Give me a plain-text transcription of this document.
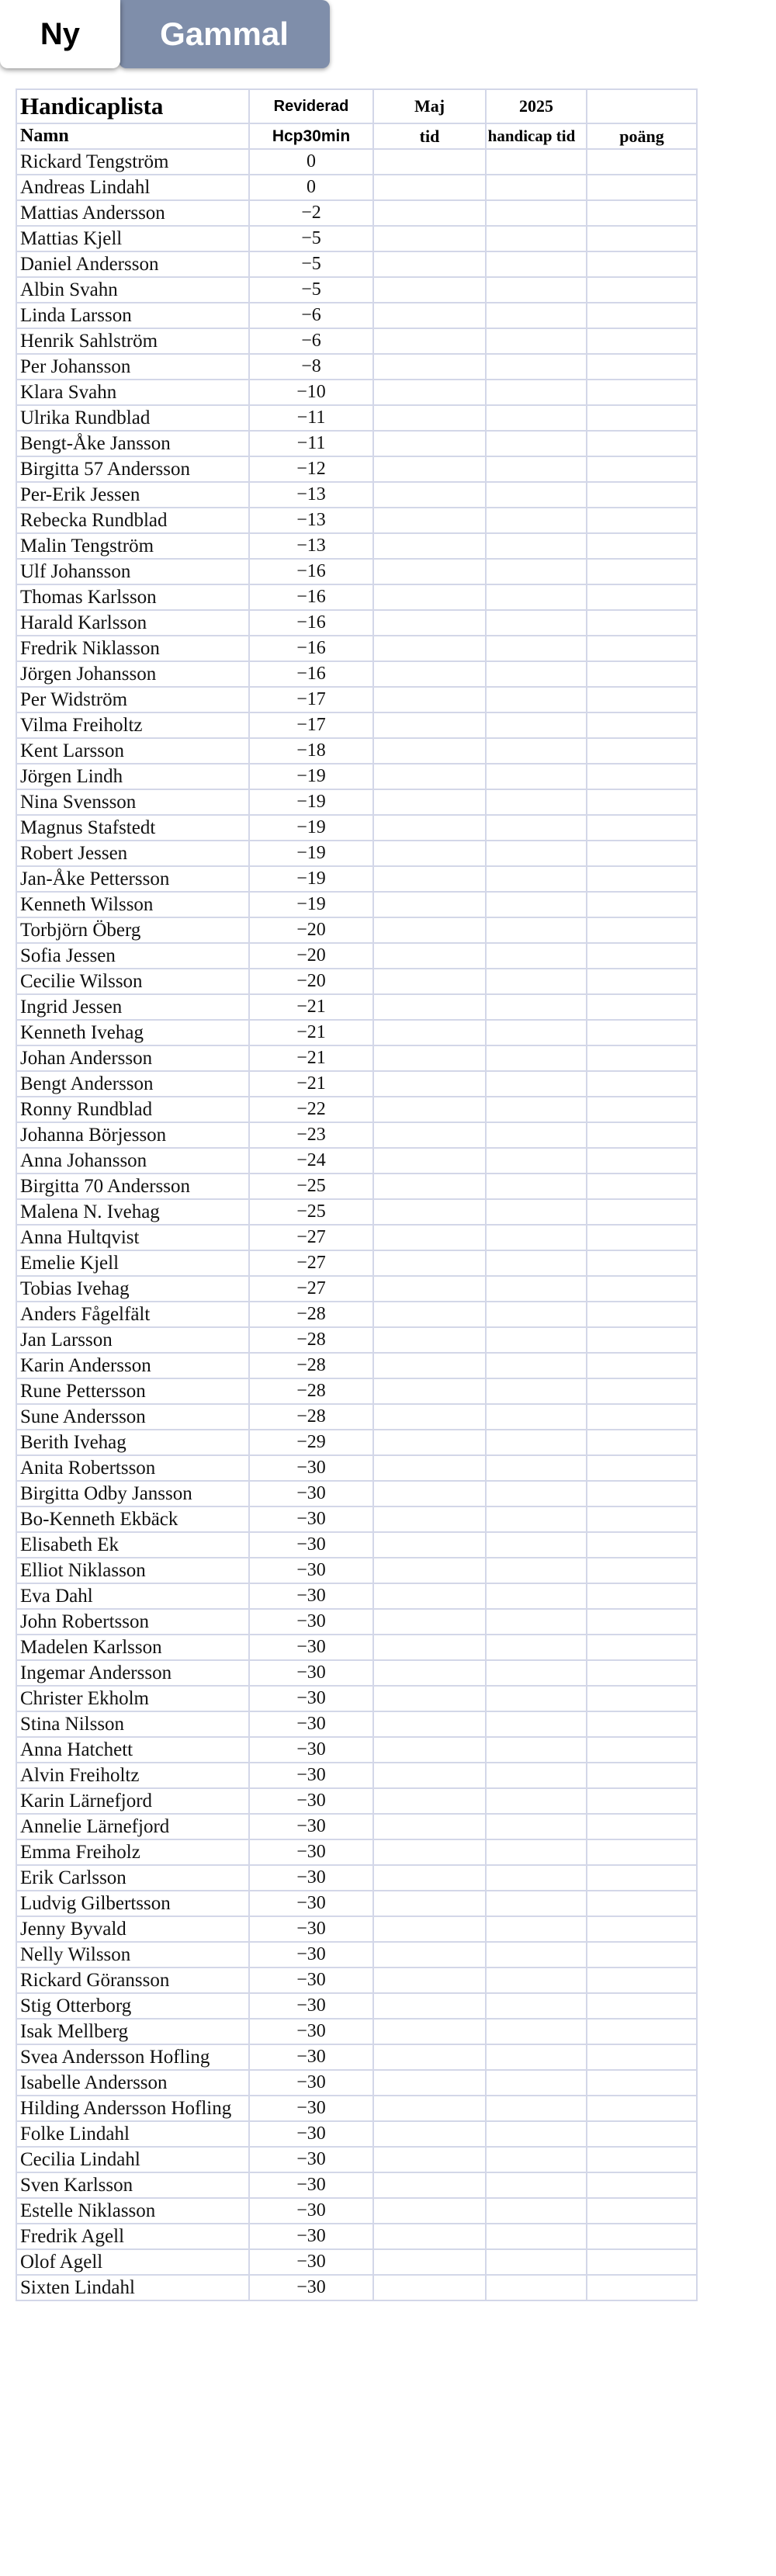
Ny	Gammal
Handicaplista	Reviderad	Maj	2025	
Namn	Hcp30min	tid	handicap tid	poäng
Rickard Tengström	0			
Andreas Lindahl	0			
Mattias Andersson	−2			
Mattias Kjell	−5			
Daniel Andersson	−5			
Albin Svahn	−5			
Linda Larsson	−6			
Henrik Sahlström	−6			
Per Johansson	−8			
Klara Svahn	−10			
Ulrika Rundblad	−11			
Bengt-Åke Jansson	−11			
Birgitta 57 Andersson	−12			
Per-Erik Jessen	−13			
Rebecka Rundblad	−13			
Malin Tengström	−13			
Ulf Johansson	−16			
Thomas Karlsson	−16			
Harald Karlsson	−16			
Fredrik Niklasson	−16			
Jörgen Johansson	−16			
Per Widström	−17			
Vilma Freiholtz	−17			
Kent Larsson	−18			
Jörgen Lindh	−19			
Nina Svensson	−19			
Magnus Stafstedt	−19			
Robert Jessen	−19			
Jan-Åke Pettersson	−19			
Kenneth Wilsson	−19			
Torbjörn Öberg	−20			
Sofia Jessen	−20			
Cecilie Wilsson	−20			
Ingrid Jessen	−21			
Kenneth Ivehag	−21			
Johan Andersson	−21			
Bengt Andersson	−21			
Ronny Rundblad	−22			
Johanna Börjesson	−23			
Anna Johansson	−24			
Birgitta 70 Andersson	−25			
Malena N. Ivehag	−25			
Anna Hultqvist	−27			
Emelie Kjell	−27			
Tobias Ivehag	−27			
Anders Fågelfält	−28			
Jan Larsson	−28			
Karin Andersson	−28			
Rune Pettersson	−28			
Sune Andersson	−28			
Berith Ivehag	−29			
Anita Robertsson	−30			
Birgitta Odby Jansson	−30			
Bo-Kenneth Ekbäck	−30			
Elisabeth Ek	−30			
Elliot Niklasson	−30			
Eva Dahl	−30			
John Robertsson	−30			
Madelen Karlsson	−30			
Ingemar Andersson	−30			
Christer Ekholm	−30			
Stina Nilsson	−30			
Anna Hatchett	−30			
Alvin Freiholtz	−30			
Karin Lärnefjord	−30			
Annelie Lärnefjord	−30			
Emma Freiholz	−30			
Erik Carlsson	−30			
Ludvig Gilbertsson	−30			
Jenny Byvald	−30			
Nelly Wilsson	−30			
Rickard Göransson	−30			
Stig Otterborg	−30			
Isak Mellberg	−30			
Svea Andersson Hofling	−30			
Isabelle Andersson	−30			
Hilding Andersson Hofling	−30			
Folke Lindahl	−30			
Cecilia Lindahl	−30			
Sven Karlsson	−30			
Estelle Niklasson	−30			
Fredrik Agell	−30			
Olof Agell	−30			
Sixten Lindahl	−30			
